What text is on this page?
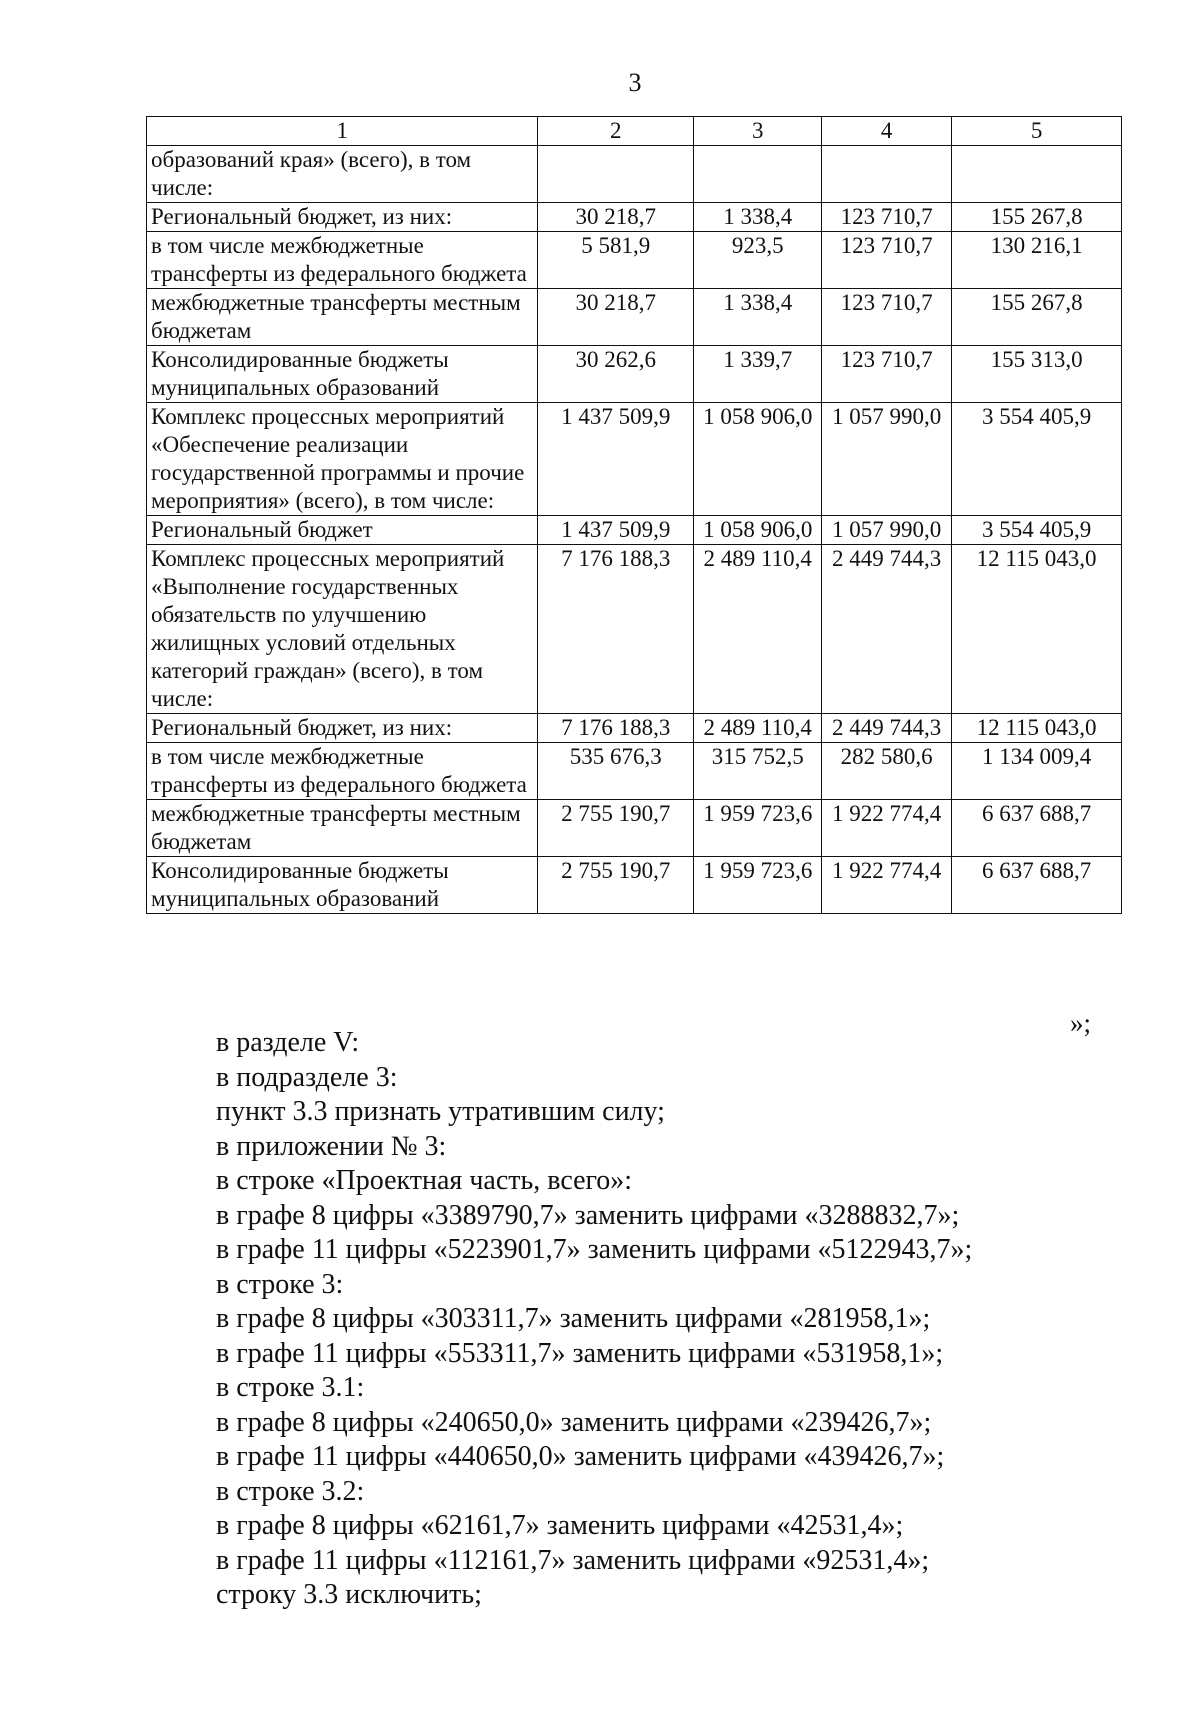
3
1	2	3	4	5
образований края» (всего), в том числе:				
Региональный бюджет, из них:	30 218,7	1 338,4	123 710,7	155 267,8
в том числе межбюджетные трансферты из федерального бюджета	5 581,9	923,5	123 710,7	130 216,1
межбюджетные трансферты местным бюджетам	30 218,7	1 338,4	123 710,7	155 267,8
Консолидированные бюджеты муниципальных образований	30 262,6	1 339,7	123 710,7	155 313,0
Комплекс процессных мероприятий «Обеспечение реализации государственной программы и прочие мероприятия» (всего), в том числе:	1 437 509,9	1 058 906,0	1 057 990,0	3 554 405,9
Региональный бюджет	1 437 509,9	1 058 906,0	1 057 990,0	3 554 405,9
Комплекс процессных мероприятий «Выполнение государственных обязательств по улучшению жилищных условий отдельных категорий граждан» (всего), в том числе:	7 176 188,3	2 489 110,4	2 449 744,3	12 115 043,0
Региональный бюджет, из них:	7 176 188,3	2 489 110,4	2 449 744,3	12 115 043,0
в том числе межбюджетные трансферты из федерального бюджета	535 676,3	315 752,5	282 580,6	1 134 009,4
межбюджетные трансферты местным бюджетам	2 755 190,7	1 959 723,6	1 922 774,4	6 637 688,7
Консолидированные бюджеты муниципальных образований	2 755 190,7	1 959 723,6	1 922 774,4	6 637 688,7
»;

в разделе V:

в подразделе 3:

пункт 3.3 признать утратившим силу;

в приложении № 3:

в строке «Проектная часть, всего»:

в графе 8 цифры «3389790,7» заменить цифрами «3288832,7»;

в графе 11 цифры «5223901,7» заменить цифрами «5122943,7»;

в строке 3:

в графе 8 цифры «303311,7» заменить цифрами «281958,1»;

в графе 11 цифры «553311,7» заменить цифрами «531958,1»;

в строке 3.1:

в графе 8 цифры «240650,0» заменить цифрами «239426,7»;

в графе 11 цифры «440650,0» заменить цифрами «439426,7»;

в строке 3.2:

в графе 8 цифры «62161,7» заменить цифрами «42531,4»;

в графе 11 цифры «112161,7» заменить цифрами «92531,4»;

строку 3.3 исключить;
